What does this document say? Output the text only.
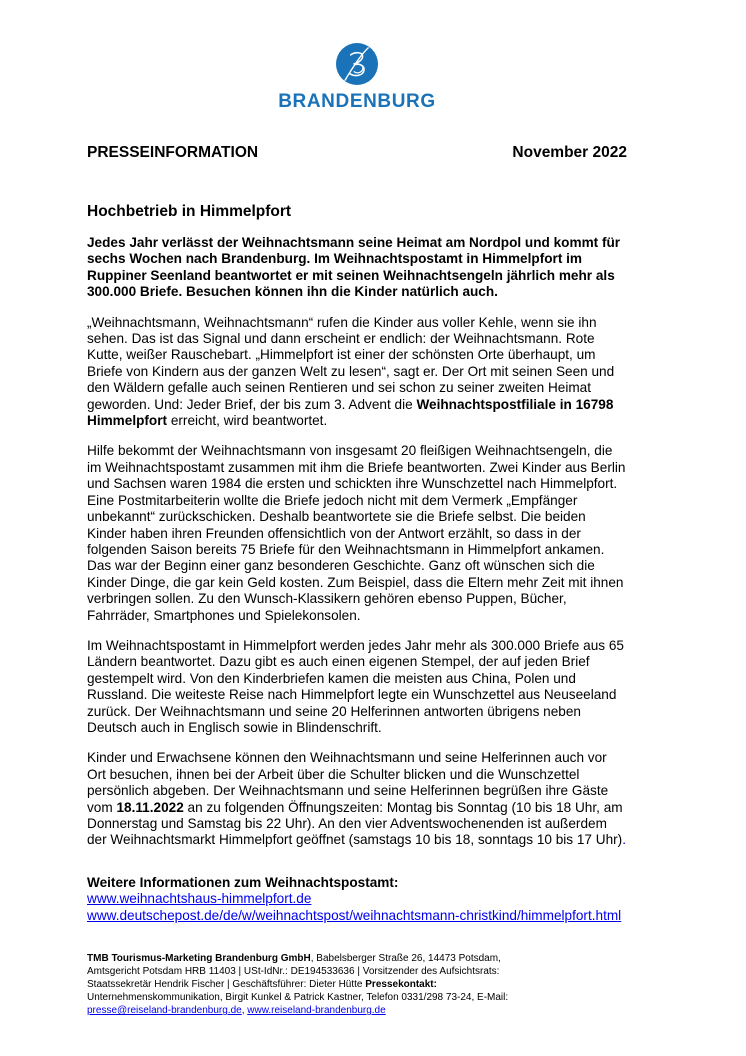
BRANDENBURG
PRESSEINFORMATION	November 2022
Hochbetrieb in Himmelpfort

Jedes Jahr verlässt der Weihnachtsmann seine Heimat am Nordpol und kommt für sechs Wochen nach Brandenburg. Im Weihnachtspostamt in Himmelpfort im Ruppiner Seenland beantwortet er mit seinen Weihnachtsengeln jährlich mehr als 300.000 Briefe. Besuchen können ihn die Kinder natürlich auch.

„Weihnachtsmann, Weihnachtsmann“ rufen die Kinder aus voller Kehle, wenn sie ihn sehen. Das ist das Signal und dann erscheint er endlich: der Weihnachtsmann. Rote Kutte, weißer Rauschebart. „Himmelpfort ist einer der schönsten Orte überhaupt, um Briefe von Kindern aus der ganzen Welt zu lesen“, sagt er. Der Ort mit seinen Seen und den Wäldern gefalle auch seinen Rentieren und sei schon zu seiner zweiten Heimat geworden. Und: Jeder Brief, der bis zum 3. Advent die Weihnachtspostfiliale in 16798 Himmelpfort erreicht, wird beantwortet.

Hilfe bekommt der Weihnachtsmann von insgesamt 20 fleißigen Weihnachtsengeln, die im Weihnachtspostamt zusammen mit ihm die Briefe beantworten. Zwei Kinder aus Berlin und Sachsen waren 1984 die ersten und schickten ihre Wunschzettel nach Himmelpfort. Eine Postmitarbeiterin wollte die Briefe jedoch nicht mit dem Vermerk „Empfänger unbekannt“ zurückschicken. Deshalb beantwortete sie die Briefe selbst. Die beiden Kinder haben ihren Freunden offensichtlich von der Antwort erzählt, so dass in der folgenden Saison bereits 75 Briefe für den Weihnachtsmann in Himmelpfort ankamen. Das war der Beginn einer ganz besonderen Geschichte. Ganz oft wünschen sich die Kinder Dinge, die gar kein Geld kosten. Zum Beispiel, dass die Eltern mehr Zeit mit ihnen verbringen sollen. Zu den Wunsch-Klassikern gehören ebenso Puppen, Bücher, Fahrräder, Smartphones und Spielekonsolen.

Im Weihnachtspostamt in Himmelpfort werden jedes Jahr mehr als 300.000 Briefe aus 65 Ländern beantwortet. Dazu gibt es auch einen eigenen Stempel, der auf jeden Brief gestempelt wird. Von den Kinderbriefen kamen die meisten aus China, Polen und Russland. Die weiteste Reise nach Himmelpfort legte ein Wunschzettel aus Neuseeland zurück. Der Weihnachtsmann und seine 20 Helferinnen antworten übrigens neben Deutsch auch in Englisch sowie in Blindenschrift.

Kinder und Erwachsene können den Weihnachtsmann und seine Helferinnen auch vor Ort besuchen, ihnen bei der Arbeit über die Schulter blicken und die Wunschzettel persönlich abgeben. Der Weihnachtsmann und seine Helferinnen begrüßen ihre Gäste vom 18.11.2022 an zu folgenden Öffnungszeiten: Montag bis Sonntag (10 bis 18 Uhr, am Donnerstag und Samstag bis 22 Uhr). An den vier Adventswochenenden ist außerdem der Weihnachtsmarkt Himmelpfort geöffnet (samstags 10 bis 18, sonntags 10 bis 17 Uhr).

Weitere Informationen zum Weihnachtspostamt:
www.weihnachtshaus-himmelpfort.de
www.deutschepost.de/de/w/weihnachtspost/weihnachtsmann-christkind/himmelpfort.html

TMB Tourismus-Marketing Brandenburg GmbH, Babelsberger Straße 26, 14473 Potsdam, Amtsgericht Potsdam HRB 11403 | USt-IdNr.: DE194533636 | Vorsitzender des Aufsichtsrats: Staatssekretär Hendrik Fischer | Geschäftsführer: Dieter Hütte Pressekontakt: Unternehmenskommunikation, Birgit Kunkel & Patrick Kastner, Telefon 0331/298 73-24, E-Mail: presse@reiseland-brandenburg.de, www.reiseland-brandenburg.de
